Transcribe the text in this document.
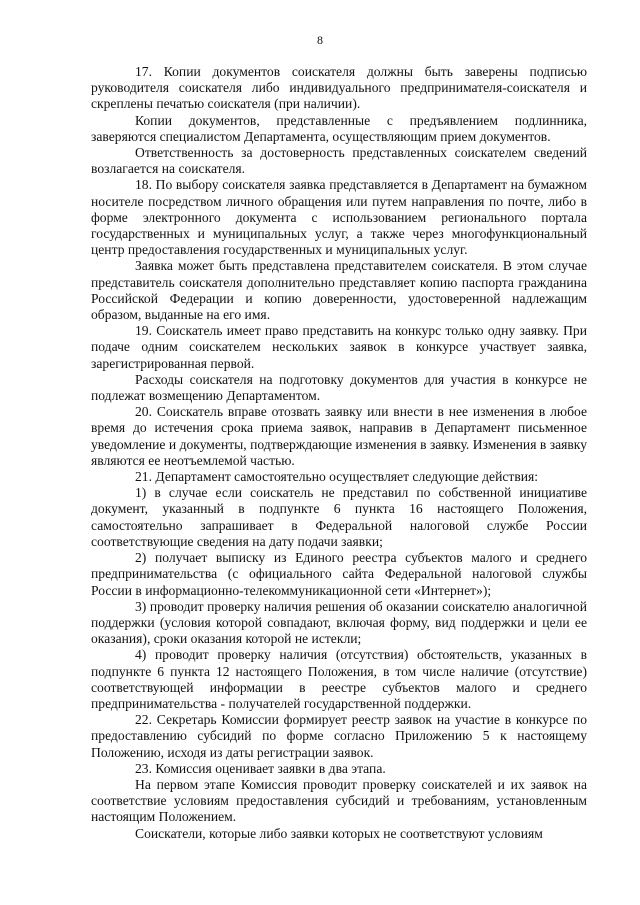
8

17. Копии документов соискателя должны быть заверены подписью руководителя соискателя либо индивидуального предпринимателя-соискателя и скреплены печатью соискателя (при наличии).

Копии документов, представленные с предъявлением подлинника, заверяются специалистом Департамента, осуществляющим прием документов.

Ответственность за достоверность представленных соискателем сведений возлагается на соискателя.

18. По выбору соискателя заявка представляется в Департамент на бумажном носителе посредством личного обращения или путем направления по почте, либо в форме электронного документа с использованием регионального портала государственных и муниципальных услуг, а также через многофункциональный центр предоставления государственных и муниципальных услуг.

Заявка может быть представлена представителем соискателя. В этом случае представитель соискателя дополнительно представляет копию паспорта гражданина Российской Федерации и копию доверенности, удостоверенной надлежащим образом, выданные на его имя.

19. Соискатель имеет право представить на конкурс только одну заявку. При подаче одним соискателем нескольких заявок в конкурсе участвует заявка, зарегистрированная первой.

Расходы соискателя на подготовку документов для участия в конкурсе не подлежат возмещению Департаментом.

20. Соискатель вправе отозвать заявку или внести в нее изменения в любое время до истечения срока приема заявок, направив в Департамент письменное уведомление и документы, подтверждающие изменения в заявку. Изменения в заявку являются ее неотъемлемой частью.

21. Департамент самостоятельно осуществляет следующие действия:

1) в случае если соискатель не представил по собственной инициативе документ, указанный в подпункте 6 пункта 16 настоящего Положения, самостоятельно запрашивает в Федеральной налоговой службе России соответствующие сведения на дату подачи заявки;

2) получает выписку из Единого реестра субъектов малого и среднего предпринимательства (с официального сайта Федеральной налоговой службы России в информационно-телекоммуникационной сети «Интернет»);

3) проводит проверку наличия решения об оказании соискателю аналогичной поддержки (условия которой совпадают, включая форму, вид поддержки и цели ее оказания), сроки оказания которой не истекли;

4) проводит проверку наличия (отсутствия) обстоятельств, указанных в подпункте 6 пункта 12 настоящего Положения, в том числе наличие (отсутствие) соответствующей информации в реестре субъектов малого и среднего предпринимательства - получателей государственной поддержки.

22. Секретарь Комиссии формирует реестр заявок на участие в конкурсе по предоставлению субсидий по форме согласно Приложению 5 к настоящему Положению, исходя из даты регистрации заявок.

23. Комиссия оценивает заявки в два этапа.

На первом этапе Комиссия проводит проверку соискателей и их заявок на соответствие условиям предоставления субсидий и требованиям, установленным настоящим Положением.

Соискатели, которые либо заявки которых не соответствуют условиям
